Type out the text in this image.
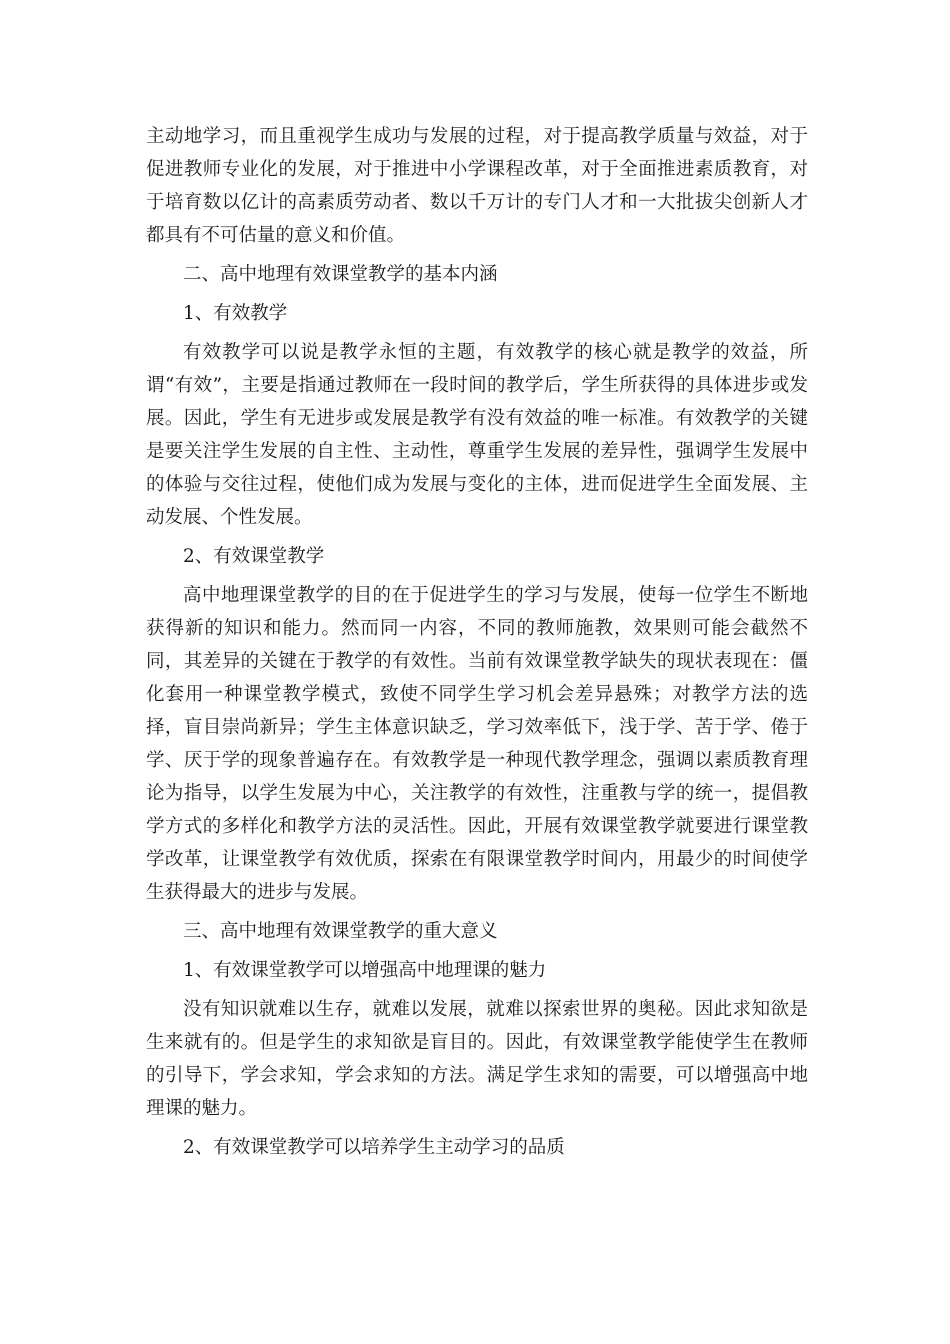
主动地学习，而且重视学生成功与发展的过程，对于提高教学质量与效益，对于促进教师专业化的发展，对于推进中小学课程改革，对于全面推进素质教育，对于培育数以亿计的高素质劳动者、数以千万计的专门人才和一大批拔尖创新人才都具有不可估量的意义和价值。

二、高中地理有效课堂教学的基本内涵

1、有效教学

有效教学可以说是教学永恒的主题，有效教学的核心就是教学的效益，所谓“有效”，主要是指通过教师在一段时间的教学后，学生所获得的具体进步或发展。因此，学生有无进步或发展是教学有没有效益的唯一标准。有效教学的关键是要关注学生发展的自主性、主动性，尊重学生发展的差异性，强调学生发展中的体验与交往过程，使他们成为发展与变化的主体，进而促进学生全面发展、主动发展、个性发展。

2、有效课堂教学

高中地理课堂教学的目的在于促进学生的学习与发展，使每一位学生不断地获得新的知识和能力。然而同一内容，不同的教师施教，效果则可能会截然不同，其差异的关键在于教学的有效性。当前有效课堂教学缺失的现状表现在：僵化套用一种课堂教学模式，致使不同学生学习机会差异悬殊；对教学方法的选择，盲目崇尚新异；学生主体意识缺乏，学习效率低下，浅于学、苦于学、倦于学、厌于学的现象普遍存在。有效教学是一种现代教学理念，强调以素质教育理论为指导，以学生发展为中心，关注教学的有效性，注重教与学的统一，提倡教学方式的多样化和教学方法的灵活性。因此，开展有效课堂教学就要进行课堂教学改革，让课堂教学有效优质，探索在有限课堂教学时间内，用最少的时间使学生获得最大的进步与发展。

三、高中地理有效课堂教学的重大意义

1、有效课堂教学可以增强高中地理课的魅力

没有知识就难以生存，就难以发展，就难以探索世界的奥秘。因此求知欲是生来就有的。但是学生的求知欲是盲目的。因此，有效课堂教学能使学生在教师的引导下，学会求知，学会求知的方法。满足学生求知的需要，可以增强高中地理课的魅力。

2、有效课堂教学可以培养学生主动学习的品质
